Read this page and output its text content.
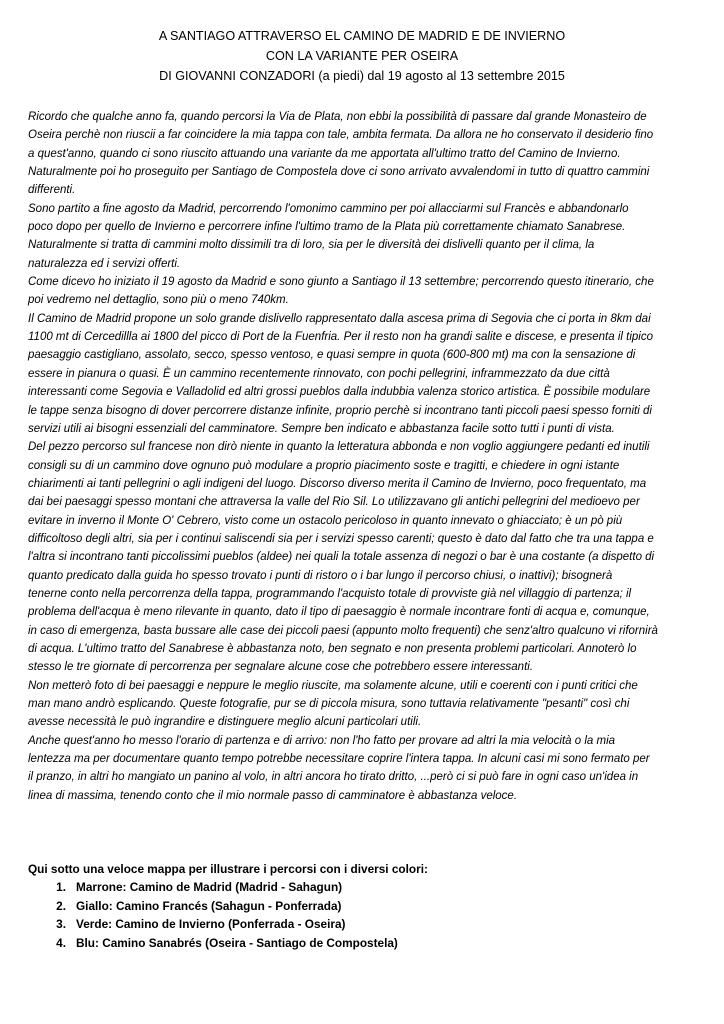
A SANTIAGO ATTRAVERSO EL CAMINO DE MADRID E DE INVIERNO
CON LA VARIANTE PER OSEIRA
DI GIOVANNI CONZADORI (a piedi) dal 19 agosto al 13 settembre 2015
Ricordo che qualche anno fa, quando percorsi la Via de Plata, non ebbi la possibilità di passare dal grande Monasteiro de
Oseira perchè non riuscii a far coincidere la mia tappa con tale, ambita fermata. Da allora ne ho conservato il desiderio fino
a quest'anno, quando ci sono riuscito attuando una variante da me apportata all'ultimo tratto del Camino de Invierno.
Naturalmente poi ho proseguito per Santiago de Compostela dove ci sono arrivato avvalendomi in tutto di quattro cammini
differenti.
Sono partito a fine agosto da Madrid, percorrendo l'omonimo cammino per poi allacciarmi sul Francès e abbandonarlo
poco dopo per quello de Invierno e percorrere infine l'ultimo tramo de la Plata più correttamente chiamato Sanabrese.
Naturalmente si tratta di cammini molto dissimili tra di loro, sia per le diversità dei dislivelli quanto per il clima, la
naturalezza ed i servizi offerti.
Come dicevo ho iniziato il 19 agosto da Madrid e sono giunto a Santiago il 13 settembre; percorrendo questo itinerario, che
poi vedremo nel dettaglio, sono più o meno 740km.
Il Camino de Madrid propone un solo grande dislivello rappresentato dalla ascesa prima di Segovia che ci porta in 8km dai
1100 mt di Cercedillla ai 1800 del picco di Port de la Fuenfria. Per il resto non ha grandi salite e discese, e presenta il tipico
paesaggio castigliano, assolato, secco, spesso ventoso, e quasi sempre in quota (600-800 mt) ma con la sensazione di
essere in pianura o quasi. È un cammino recentemente rinnovato, con pochi pellegrini, inframmezzato da due città
interessanti come Segovia e Valladolid ed altri grossi pueblos dalla indubbia valenza storico artistica. È possibile modulare
le tappe senza bisogno di dover percorrere distanze infinite, proprio perchè si incontrano tanti piccoli paesi spesso forniti di
servizi utili ai bisogni essenziali del camminatore. Sempre ben indicato e abbastanza facile sotto tutti i punti di vista.
Del pezzo percorso sul francese non dirò niente in quanto la letteratura abbonda e non voglio aggiungere pedanti ed inutili
consigli su di un cammino dove ognuno può modulare a proprio piacimento soste e tragitti, e chiedere in ogni istante
chiarimenti ai tanti pellegrini o agli indigeni del luogo. Discorso diverso merita il Camino de Invierno, poco frequentato, ma
dai bei paesaggi spesso montani che attraversa la valle del Rio Sil. Lo utilizzavano gli antichi pellegrini del medioevo per
evitare in inverno il Monte O' Cebrero, visto come un ostacolo pericoloso in quanto innevato o ghiacciato; è un pò più
difficoltoso degli altri, sia per i continui saliscendi sia per i servizi spesso carenti; questo è dato dal fatto che tra una tappa e
l'altra si incontrano tanti piccolissimi pueblos (aldee) nei quali la totale assenza di negozi o bar è una costante (a dispetto di
quanto predicato dalla guida ho spesso trovato i punti di ristoro o i bar lungo il percorso chiusi, o inattivi); bisognerà
tenerne conto nella percorrenza della tappa, programmando l'acquisto totale di provviste già nel villaggio di partenza; il
problema dell'acqua è meno rilevante in quanto, dato il tipo di paesaggio è normale incontrare fonti di acqua e, comunque,
in caso di emergenza, basta bussare alle case dei piccoli paesi (appunto molto frequenti) che senz'altro qualcuno vi rifornirà
di acqua. L'ultimo tratto del Sanabrese è abbastanza noto, ben segnato e non presenta problemi particolari. Annoterò lo
stesso le tre giornate di percorrenza per segnalare alcune cose che potrebbero essere interessanti.
Non metterò foto di bei paesaggi e neppure le meglio riuscite, ma solamente alcune, utili e coerenti con i punti critici che
man mano andrò esplicando. Queste fotografie, pur se di piccola misura, sono tuttavia relativamente "pesanti" così chi
avesse necessità le può ingrandire e distinguere meglio alcuni particolari utili.
Anche quest'anno ho messo l'orario di partenza e di arrivo: non l'ho fatto per provare ad altri la mia velocità o la mia
lentezza ma per documentare quanto tempo potrebbe necessitare coprire l'intera tappa. In alcuni casi mi sono fermato per
il pranzo, in altri ho mangiato un panino al volo, in altri ancora ho tirato dritto, ...però ci si può fare in ogni caso un'idea in
linea di massima, tenendo conto che il mio normale passo di camminatore è abbastanza veloce.
Qui sotto una veloce mappa per illustrare i percorsi con i diversi colori:
1. Marrone: Camino de Madrid (Madrid - Sahagun)
2. Giallo: Camino Francés (Sahagun - Ponferrada)
3. Verde: Camino de Invierno (Ponferrada - Oseira)
4. Blu: Camino Sanabrés (Oseira - Santiago de Compostela)
